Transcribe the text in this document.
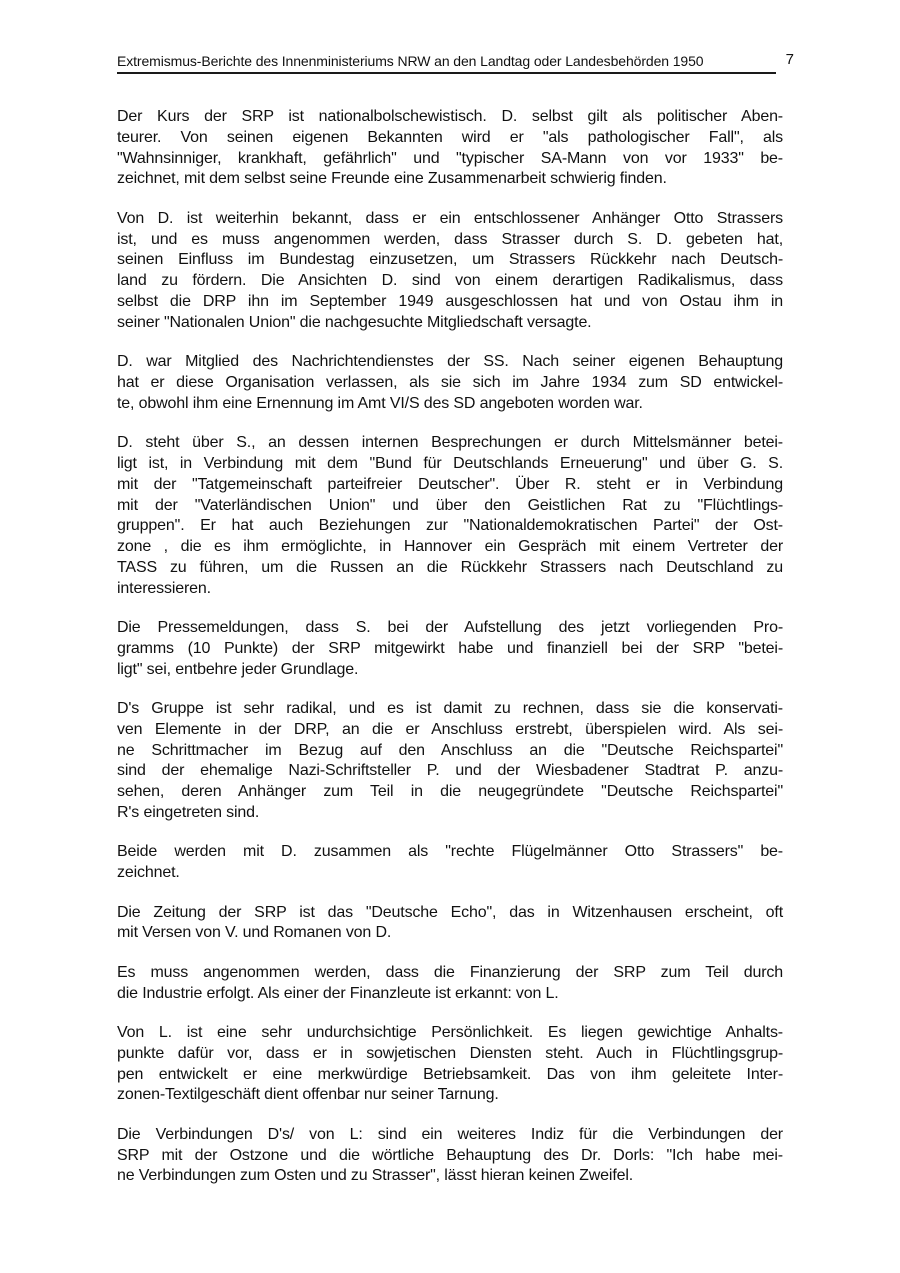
Extremismus-Berichte des Innenministeriums NRW an den Landtag oder Landesbehörden 1950	7
Der Kurs der SRP ist nationalbolschewistisch. D. selbst gilt als politischer Aben-
teurer. Von seinen eigenen Bekannten wird er "als pathologischer Fall", als
"Wahnsinniger, krankhaft, gefährlich" und "typischer SA-Mann von vor 1933" be-
zeichnet, mit dem selbst seine Freunde eine Zusammenarbeit schwierig finden.
Von D. ist weiterhin bekannt, dass er ein entschlossener Anhänger Otto Strassers
ist, und es muss angenommen werden, dass Strasser durch S. D. gebeten hat,
seinen Einfluss im Bundestag einzusetzen, um Strassers Rückkehr nach Deutsch-
land zu fördern. Die Ansichten D. sind von einem derartigen Radikalismus, dass
selbst die DRP ihn im September 1949 ausgeschlossen hat und von Ostau ihm in
seiner "Nationalen Union" die nachgesuchte Mitgliedschaft versagte.
D. war Mitglied des Nachrichtendienstes der SS. Nach seiner eigenen Behauptung
hat er diese Organisation verlassen, als sie sich im Jahre 1934 zum SD entwickel-
te, obwohl ihm eine Ernennung im Amt VI/S des SD angeboten worden war.
D. steht über S., an dessen internen Besprechungen er durch Mittelsmänner betei-
ligt ist, in Verbindung mit dem "Bund für Deutschlands Erneuerung" und über G. S.
mit der "Tatgemeinschaft parteifreier Deutscher". Über R. steht er in Verbindung
mit der "Vaterländischen Union" und über den Geistlichen Rat zu "Flüchtlings-
gruppen". Er hat auch Beziehungen zur "Nationaldemokratischen Partei" der Ost-
zone , die es ihm ermöglichte, in Hannover ein Gespräch mit einem Vertreter der
TASS zu führen, um die Russen an die Rückkehr Strassers nach Deutschland zu
interessieren.
Die Pressemeldungen, dass S. bei der Aufstellung des jetzt vorliegenden Pro-
gramms (10 Punkte) der SRP mitgewirkt habe und finanziell bei der SRP "betei-
ligt" sei, entbehre jeder Grundlage.
D's Gruppe ist sehr radikal, und es ist damit zu rechnen, dass sie die konservati-
ven Elemente in der DRP, an die er Anschluss erstrebt, überspielen wird. Als sei-
ne Schrittmacher im Bezug auf den Anschluss an die "Deutsche Reichspartei"
sind der ehemalige Nazi-Schriftsteller P. und der Wiesbadener Stadtrat P. anzu-
sehen, deren Anhänger zum Teil in die neugegründete "Deutsche Reichspartei"
R's eingetreten sind.
Beide werden mit D. zusammen als "rechte Flügelmänner Otto Strassers" be-
zeichnet.
Die Zeitung der SRP ist das "Deutsche Echo", das in Witzenhausen erscheint, oft
mit Versen von V. und Romanen von D.
Es muss angenommen werden, dass die Finanzierung der SRP zum Teil durch
die Industrie erfolgt. Als einer der Finanzleute ist erkannt: von L.
Von L. ist eine sehr undurchsichtige Persönlichkeit. Es liegen gewichtige Anhalts-
punkte dafür vor, dass er in sowjetischen Diensten steht. Auch in Flüchtlingsgrup-
pen entwickelt er eine merkwürdige Betriebsamkeit. Das von ihm geleitete Inter-
zonen-Textilgeschäft dient offenbar nur seiner Tarnung.
Die Verbindungen D's/ von L: sind ein weiteres Indiz für die Verbindungen der
SRP mit der Ostzone und die wörtliche Behauptung des Dr. Dorls: "Ich habe mei-
ne Verbindungen zum Osten und zu Strasser", lässt hieran keinen Zweifel.
